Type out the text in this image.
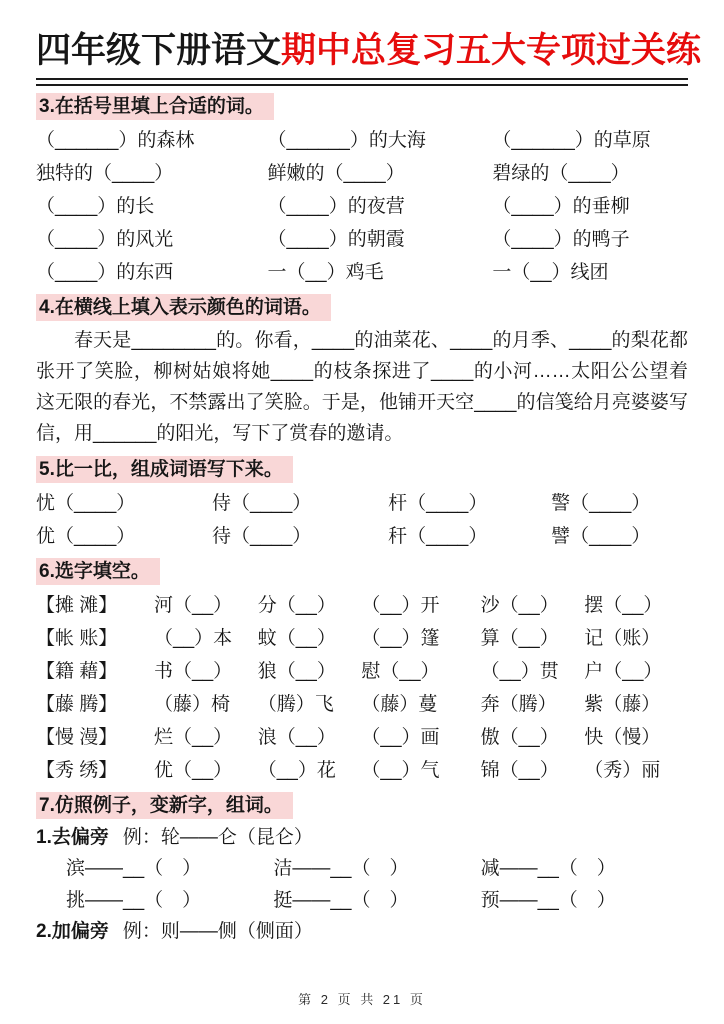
四年级下册语文期中总复习五大专项过关练
3.在括号里填上合适的词。
（______）的森林	（______）的大海	（______）的草原
独特的（____）	鲜嫩的（____）	碧绿的（____）
（____）的长	（____）的夜营	（____）的垂柳
（____）的风光	（____）的朝霞	（____）的鸭子
（____）的东西	一（__）鸡毛	一（__）线团
4.在横线上填入表示颜色的词语。

春天是________的。你看，____的油菜花、____的月季、____的梨花都张开了笑脸，柳树姑娘将她____的枝条探进了____的小河……太阳公公望着这无限的春光，不禁露出了笑脸。于是，他铺开天空____的信笺给月亮婆婆写信，用______的阳光，写下了赏春的邀请。

5.比一比，组成词语写下来。
忧（____）	侍（____）	杆（____）	警（____）
优（____）	待（____）	秆（____）	譬（____）
6.选字填空。
【摊 滩】	河（__）	分（__）	（__）开	沙（__）	摆（__）
【帐 账】	（__）本	蚊（__）	（__）篷	算（__）	记（账）
【籍 藉】	书（__）	狼（__）	慰（__）	（__）贯	户（__）
【藤 腾】	（藤）椅	（腾）飞	（藤）蔓	奔（腾）	紫（藤）
【慢 漫】	烂（__）	浪（__）	（__）画	傲（__）	快（慢）
【秀 绣】	优（__）	（__）花	（__）气	锦（__）	（秀）丽
7.仿照例子，变新字，组词。
1.去偏旁 例：轮——仑（昆仑）
滨——__（　）	洁——__（　）	减——__（　）
挑——__（　）	挺——__（　）	预——__（　）
2.加偏旁 例：则——侧（侧面）
第 2 页 共 21 页
